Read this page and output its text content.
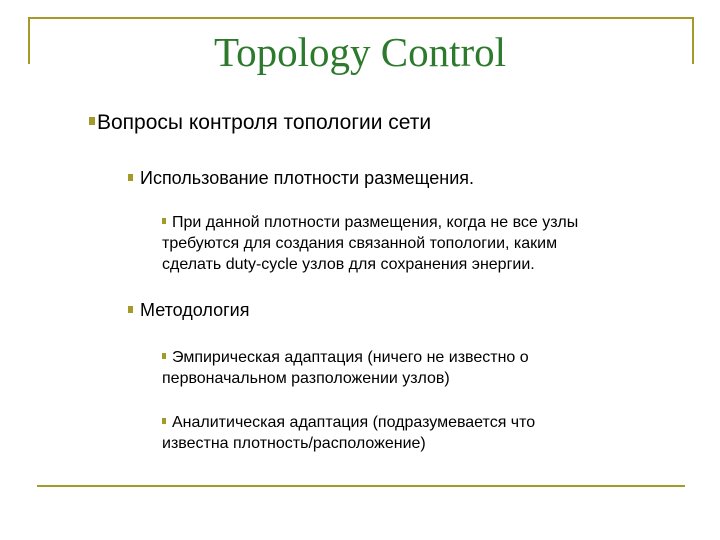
Topology Control
Вопросы контроля топологии сети
Использование плотности размещения.
При данной плотности размещения, когда не все узлы
требуются для создания связанной топологии, каким
сделать duty-cycle узлов для сохранения энергии.
Методология
Эмпирическая адаптация (ничего не известно о
первоначальном разположении узлов)
Аналитическая адаптация (подразумевается что
известна плотность/расположение)
